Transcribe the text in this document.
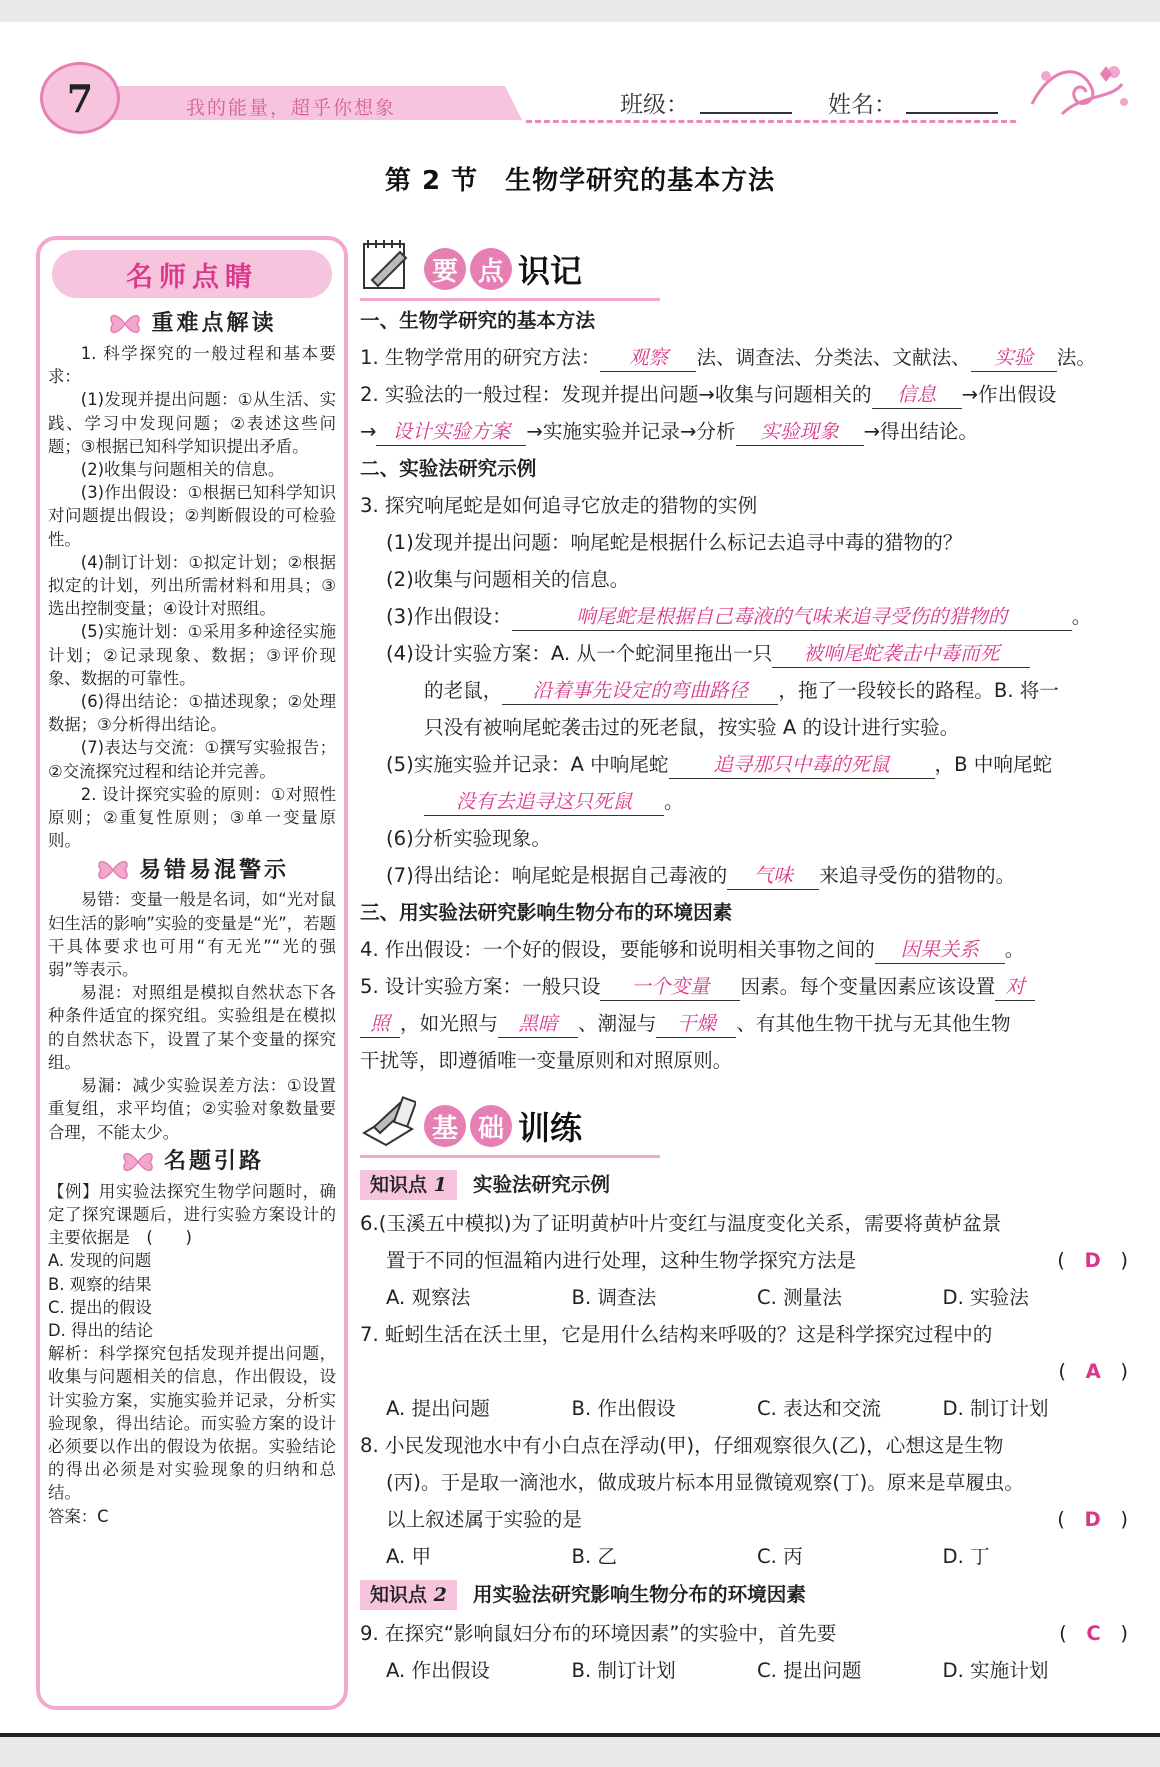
7	我的能量，超乎你想象	班级：	姓名：
第 2 节　生物学研究的基本方法
名师点睛
重难点解读

1. 科学探究的一般过程和基本要求：

(1)发现并提出问题：①从生活、实践、学习中发现问题；②表述这些问题；③根据已知科学知识提出矛盾。

(2)收集与问题相关的信息。

(3)作出假设：①根据已知科学知识对问题提出假设；②判断假设的可检验性。

(4)制订计划：①拟定计划；②根据拟定的计划，列出所需材料和用具；③选出控制变量；④设计对照组。

(5)实施计划：①采用多种途径实施计划；②记录现象、数据；③评价现象、数据的可靠性。

(6)得出结论：①描述现象；②处理数据；③分析得出结论。

(7)表达与交流：①撰写实验报告；②交流探究过程和结论并完善。

2. 设计探究实验的原则：①对照性原则；②重复性原则；③单一变量原则。

易错易混警示

易错：变量一般是名词，如“光对鼠妇生活的影响”实验的变量是“光”，若题干具体要求也可用“有无光”“光的强弱”等表示。

易混：对照组是模拟自然状态下各种条件适宜的探究组。实验组是在模拟的自然状态下，设置了某个变量的探究组。

易漏：减少实验误差方法：①设置重复组，求平均值；②实验对象数量要合理，不能太少。

名题引路

【例】用实验法探究生物学问题时，确定了探究课题后，进行实验方案设计的主要依据是　(　　)

A. 发现的问题

B. 观察的结果

C. 提出的假设

D. 得出的结论

解析：科学探究包括发现并提出问题，收集与问题相关的信息，作出假设，设计实验方案，实施实验并记录，分析实验现象，得出结论。而实验方案的设计必须要以作出的假设为依据。实验结论的得出必须是对实验现象的归纳和总结。

答案：C

要 点 识记
一、生物学研究的基本方法
1. 生物学常用的研究方法： 观察 法、调查法、分类法、文献法、 实验 法。
2. 实验法的一般过程：发现并提出问题→收集与问题相关的 信息 →作出假设
→ 设计实验方案 →实施实验并记录→分析 实验现象 →得出结论。
二、实验法研究示例
3. 探究响尾蛇是如何追寻它放走的猎物的实例
(1)发现并提出问题：响尾蛇是根据什么标记去追寻中毒的猎物的？
(2)收集与问题相关的信息。
(3)作出假设：	响尾蛇是根据自己毒液的气味来追寻受伤的猎物的	。
(4)设计实验方案：A. 从一个蛇洞里拖出一只 被响尾蛇袭击中毒而死
的老鼠， 沿着事先设定的弯曲路径 ，拖了一段较长的路程。B. 将一
只没有被响尾蛇袭击过的死老鼠，按实验 A 的设计进行实验。
(5)实施实验并记录：A 中响尾蛇 追寻那只中毒的死鼠 ，B 中响尾蛇
没有去追寻这只死鼠 。
(6)分析实验现象。
(7)得出结论：响尾蛇是根据自己毒液的 气味 来追寻受伤的猎物的。
三、用实验法研究影响生物分布的环境因素
4. 作出假设：一个好的假设，要能够和说明相关事物之间的 因果关系 。
5. 设计实验方案：一般只设 一个变量 因素。每个变量因素应该设置 对
照 ，如光照与 黑暗 、潮湿与 干燥 、有其他生物干扰与无其他生物
干扰等，即遵循唯一变量原则和对照原则。
基 础 训练
知识点 1 实验法研究示例
6.(玉溪五中模拟)为了证明黄栌叶片变红与温度变化关系，需要将黄栌盆景
置于不同的恒温箱内进行处理，这种生物学探究方法是	(　D　)
A. 观察法	B. 调查法	C. 测量法	D. 实验法
7. 蚯蚓生活在沃土里，它是用什么结构来呼吸的？这是科学探究过程中的
(　A　)
A. 提出问题	B. 作出假设	C. 表达和交流	D. 制订计划
8. 小民发现池水中有小白点在浮动(甲)，仔细观察很久(乙)，心想这是生物
(丙)。于是取一滴池水，做成玻片标本用显微镜观察(丁)。原来是草履虫。
以上叙述属于实验的是	(　D　)
A. 甲	B. 乙	C. 丙	D. 丁
知识点 2 用实验法研究影响生物分布的环境因素
9. 在探究“影响鼠妇分布的环境因素”的实验中，首先要	(　C　)
A. 作出假设	B. 制订计划	C. 提出问题	D. 实施计划
